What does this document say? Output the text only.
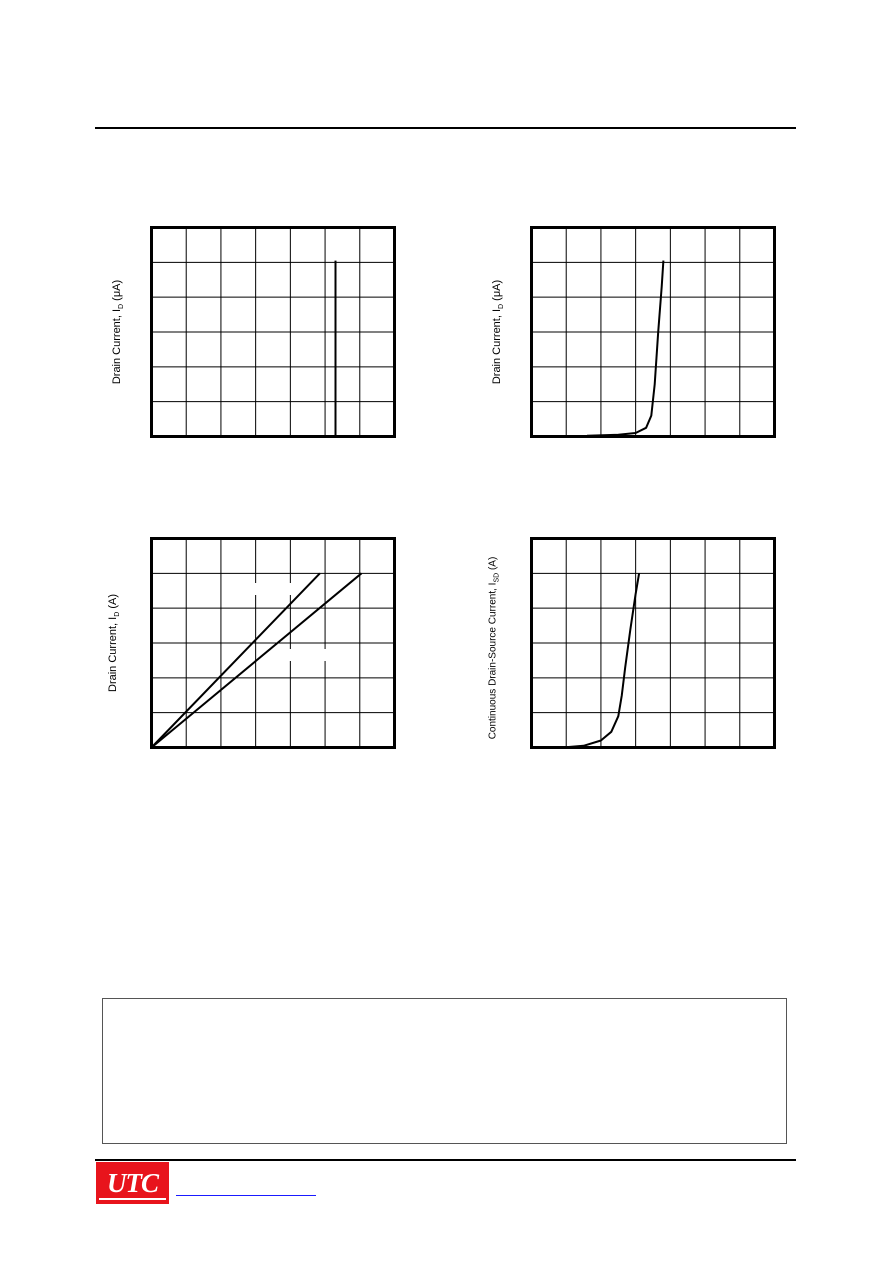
Drain Current, $I_D$ (μA)
Drain Current, $I_D$ (μA)
Drain Current, $I_D$ (A)	Continuous Drain-Source Current, $I_{SD}$ (A)
UTC
